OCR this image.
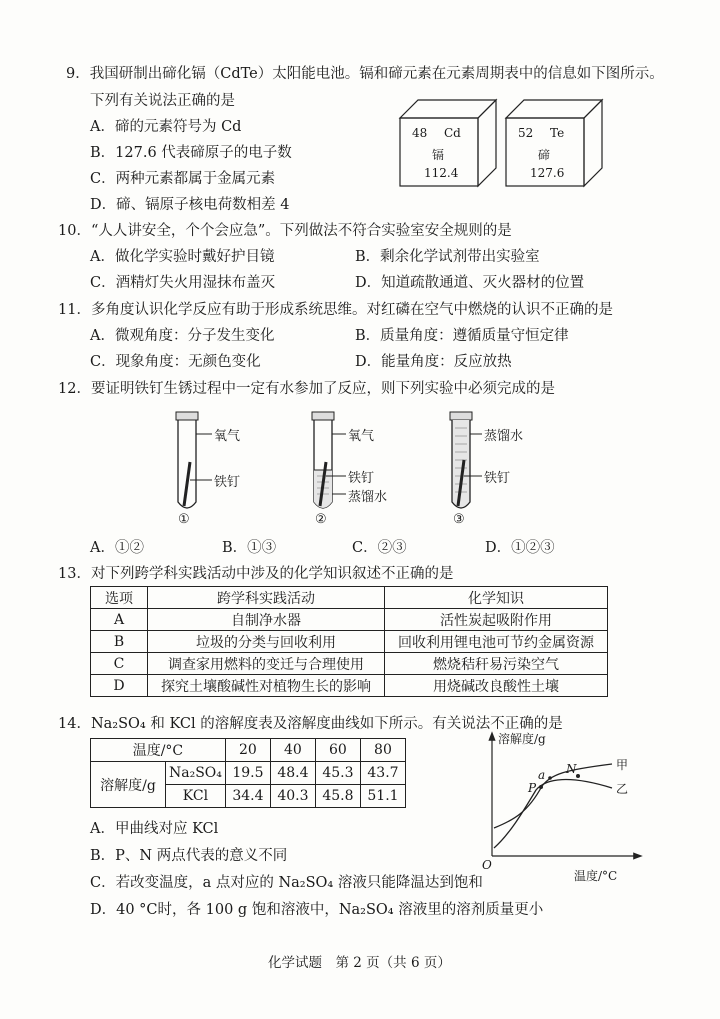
9．我国研制出碲化镉（CdTe）太阳能电池。镉和碲元素在元素周期表中的信息如下图所示。
下列有关说法正确的是
A．碲的元素符号为 Cd
B．127.6 代表碲原子的电子数
C．两种元素都属于金属元素
D．碲、镉原子核电荷数相差 4
48 Cd
镉
112.4
52 Te
碲
127.6
10．“人人讲安全，个个会应急”。下列做法不符合实验室安全规则的是
A．做化学实验时戴好护目镜	B．剩余化学试剂带出实验室
C．酒精灯失火用湿抹布盖灭	D．知道疏散通道、灭火器材的位置
11．多角度认识化学反应有助于形成系统思维。对红磷在空气中燃烧的认识不正确的是
A．微观角度：分子发生变化	B．质量角度：遵循质量守恒定律
C．现象角度：无颜色变化	D．能量角度：反应放热
12．要证明铁钉生锈过程中一定有水参加了反应，则下列实验中必须完成的是
氧气
铁钉
①
氧气
铁钉
蒸馏水
②
蒸馏水
铁钉
③
A．①②	B．①③	C．②③	D．①②③
13．对下列跨学科实践活动中涉及的化学知识叙述不正确的是
选项	跨学科实践活动	化学知识
A	自制净水器	活性炭起吸附作用
B	垃圾的分类与回收利用	回收利用锂电池可节约金属资源
C	调查家用燃料的变迁与合理使用	燃烧秸秆易污染空气
D	探究土壤酸碱性对植物生长的影响	用烧碱改良酸性土壤
14．Na₂SO₄ 和 KCl 的溶解度表及溶解度曲线如下所示。有关说法不正确的是
温度/°C		20	40	60	80
溶解度/g	Na₂SO₄	19.5	48.4	45.3	43.7
	KCl	34.4	40.3	45.8	51.1
溶解度/g
温度/°C
O
甲
乙
P
N
a
A．甲曲线对应 KCl
B．P、N 两点代表的意义不同
C．若改变温度，a 点对应的 Na₂SO₄ 溶液只能降温达到饱和
D．40 °C时，各 100 g 饱和溶液中，Na₂SO₄ 溶液里的溶剂质量更小
化学试题　第 2 页（共 6 页）
